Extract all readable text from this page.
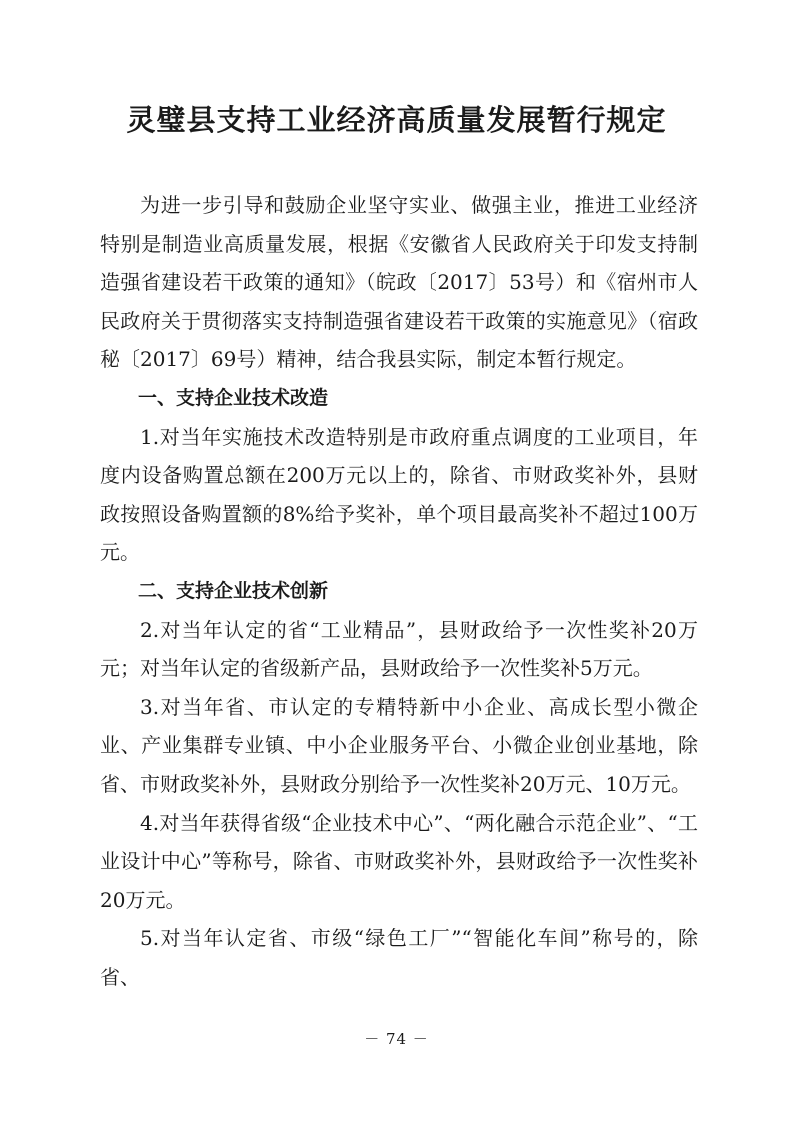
灵璧县支持工业经济高质量发展暂行规定

为进一步引导和鼓励企业坚守实业、做强主业，推进工业经济特别是制造业高质量发展，根据《安徽省人民政府关于印发支持制造强省建设若干政策的通知》（皖政〔2017〕53号）和《宿州市人民政府关于贯彻落实支持制造强省建设若干政策的实施意见》（宿政秘〔2017〕69号）精神，结合我县实际，制定本暂行规定。

一、支持企业技术改造

1.对当年实施技术改造特别是市政府重点调度的工业项目，年度内设备购置总额在200万元以上的，除省、市财政奖补外，县财政按照设备购置额的8%给予奖补，单个项目最高奖补不超过100万元。

二、支持企业技术创新

2.对当年认定的省“工业精品”，县财政给予一次性奖补20万元；对当年认定的省级新产品，县财政给予一次性奖补5万元。

3.对当年省、市认定的专精特新中小企业、高成长型小微企业、产业集群专业镇、中小企业服务平台、小微企业创业基地，除省、市财政奖补外，县财政分别给予一次性奖补20万元、10万元。

4.对当年获得省级“企业技术中心”、“两化融合示范企业”、“工业设计中心”等称号，除省、市财政奖补外，县财政给予一次性奖补20万元。

5.对当年认定省、市级“绿色工厂”“智能化车间”称号的，除省、

－ 74 －
